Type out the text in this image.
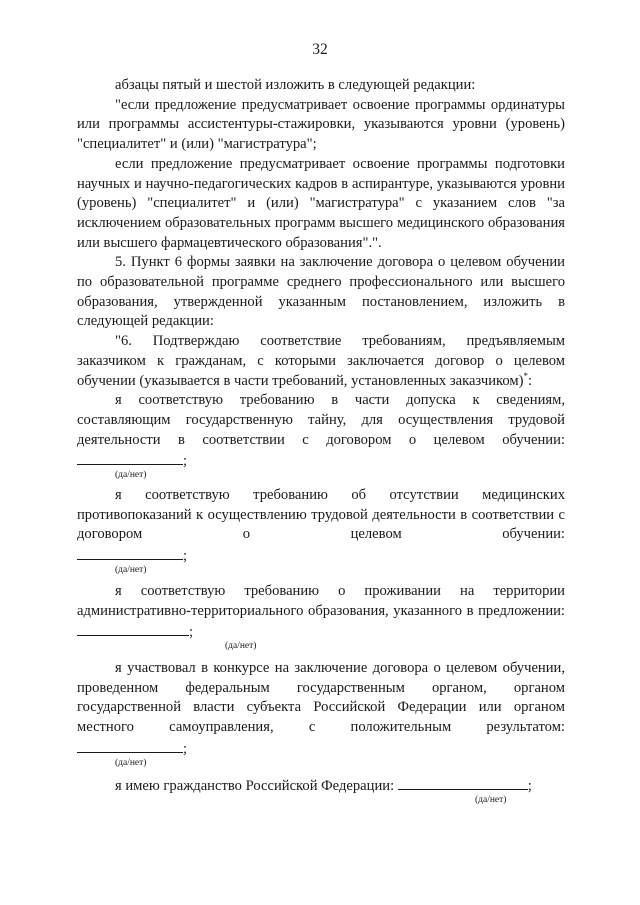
32

абзацы пятый и шестой изложить в следующей редакции:

"если предложение предусматривает освоение программы ординатуры или программы ассистентуры-стажировки, указываются уровни (уровень) "специалитет" и (или) "магистратура";

если предложение предусматривает освоение программы подготовки научных и научно-педагогических кадров в аспирантуре, указываются уровни (уровень) "специалитет" и (или) "магистратура" с указанием слов "за исключением образовательных программ высшего медицинского образования или высшего фармацевтического образования".".

5. Пункт 6 формы заявки на заключение договора о целевом обучении по образовательной программе среднего профессионального или высшего образования, утвержденной указанным постановлением, изложить в следующей редакции:

"6. Подтверждаю соответствие требованиям, предъявляемым заказчиком к гражданам, с которыми заключается договор о целевом обучении (указывается в части требований, установленных заказчиком)*:

я соответствую требованию в части допуска к сведениям, составляющим государственную тайну, для осуществления трудовой деятельности в соответствии с договором о целевом обучении:

;
(да/нет)

я соответствую требованию об отсутствии медицинских противопоказаний к осуществлению трудовой деятельности в соответствии с договором о целевом обучении:

;
(да/нет)

я соответствую требованию о проживании на территории административно-территориального образования, указанного в предложении: ;

(да/нет)

я участвовал в конкурсе на заключение договора о целевом обучении, проведенном федеральным государственным органом, органом государственной власти субъекта Российской Федерации или органом местного самоуправления, с положительным результатом:

;
(да/нет)

я имею гражданство Российской Федерации:	;

(да/нет)
